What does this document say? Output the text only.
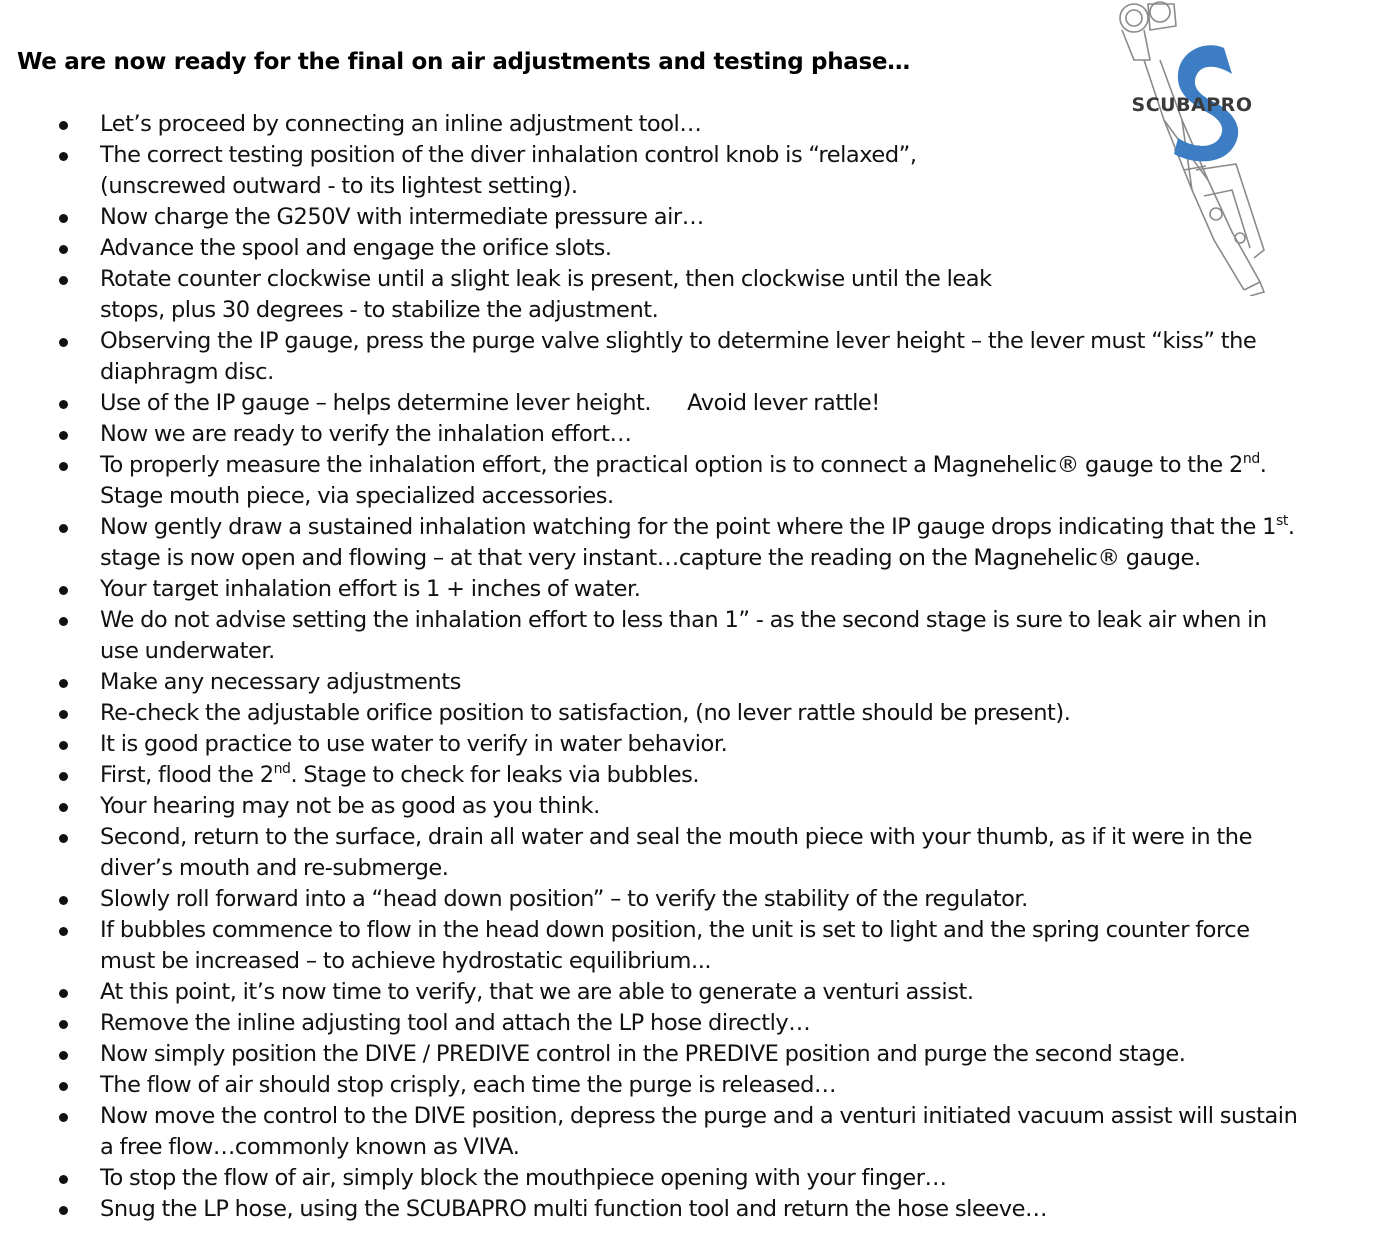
We are now ready for the final on air adjustments and testing phase…
SCUBAPRO
Let’s proceed by connecting an inline adjustment tool…
The correct testing position of the diver inhalation control knob is “relaxed”,
(unscrewed outward - to its lightest setting).
Now charge the G250V with intermediate pressure air…
Advance the spool and engage the orifice slots.
Rotate counter clockwise until a slight leak is present, then clockwise until the leak
stops, plus 30 degrees - to stabilize the adjustment.
Observing the IP gauge, press the purge valve slightly to determine lever height – the lever must “kiss” the
diaphragm disc.
Use of the IP gauge – helps determine lever height. Avoid lever rattle!
Now we are ready to verify the inhalation effort…
To properly measure the inhalation effort, the practical option is to connect a Magnehelic® gauge to the 2nd.
Stage mouth piece, via specialized accessories.
Now gently draw a sustained inhalation watching for the point where the IP gauge drops indicating that the 1st.
stage is now open and flowing – at that very instant…capture the reading on the Magnehelic® gauge.
Your target inhalation effort is 1 + inches of water.
We do not advise setting the inhalation effort to less than 1” - as the second stage is sure to leak air when in
use underwater.
Make any necessary adjustments
Re-check the adjustable orifice position to satisfaction, (no lever rattle should be present).
It is good practice to use water to verify in water behavior.
First, flood the 2nd. Stage to check for leaks via bubbles.
Your hearing may not be as good as you think.
Second, return to the surface, drain all water and seal the mouth piece with your thumb, as if it were in the
diver’s mouth and re-submerge.
Slowly roll forward into a “head down position” – to verify the stability of the regulator.
If bubbles commence to flow in the head down position, the unit is set to light and the spring counter force
must be increased – to achieve hydrostatic equilibrium...
At this point, it’s now time to verify, that we are able to generate a venturi assist.
Remove the inline adjusting tool and attach the LP hose directly…
Now simply position the DIVE / PREDIVE control in the PREDIVE position and purge the second stage.
The flow of air should stop crisply, each time the purge is released…
Now move the control to the DIVE position, depress the purge and a venturi initiated vacuum assist will sustain
a free flow…commonly known as VIVA.
To stop the flow of air, simply block the mouthpiece opening with your finger…
Snug the LP hose, using the SCUBAPRO multi function tool and return the hose sleeve…
